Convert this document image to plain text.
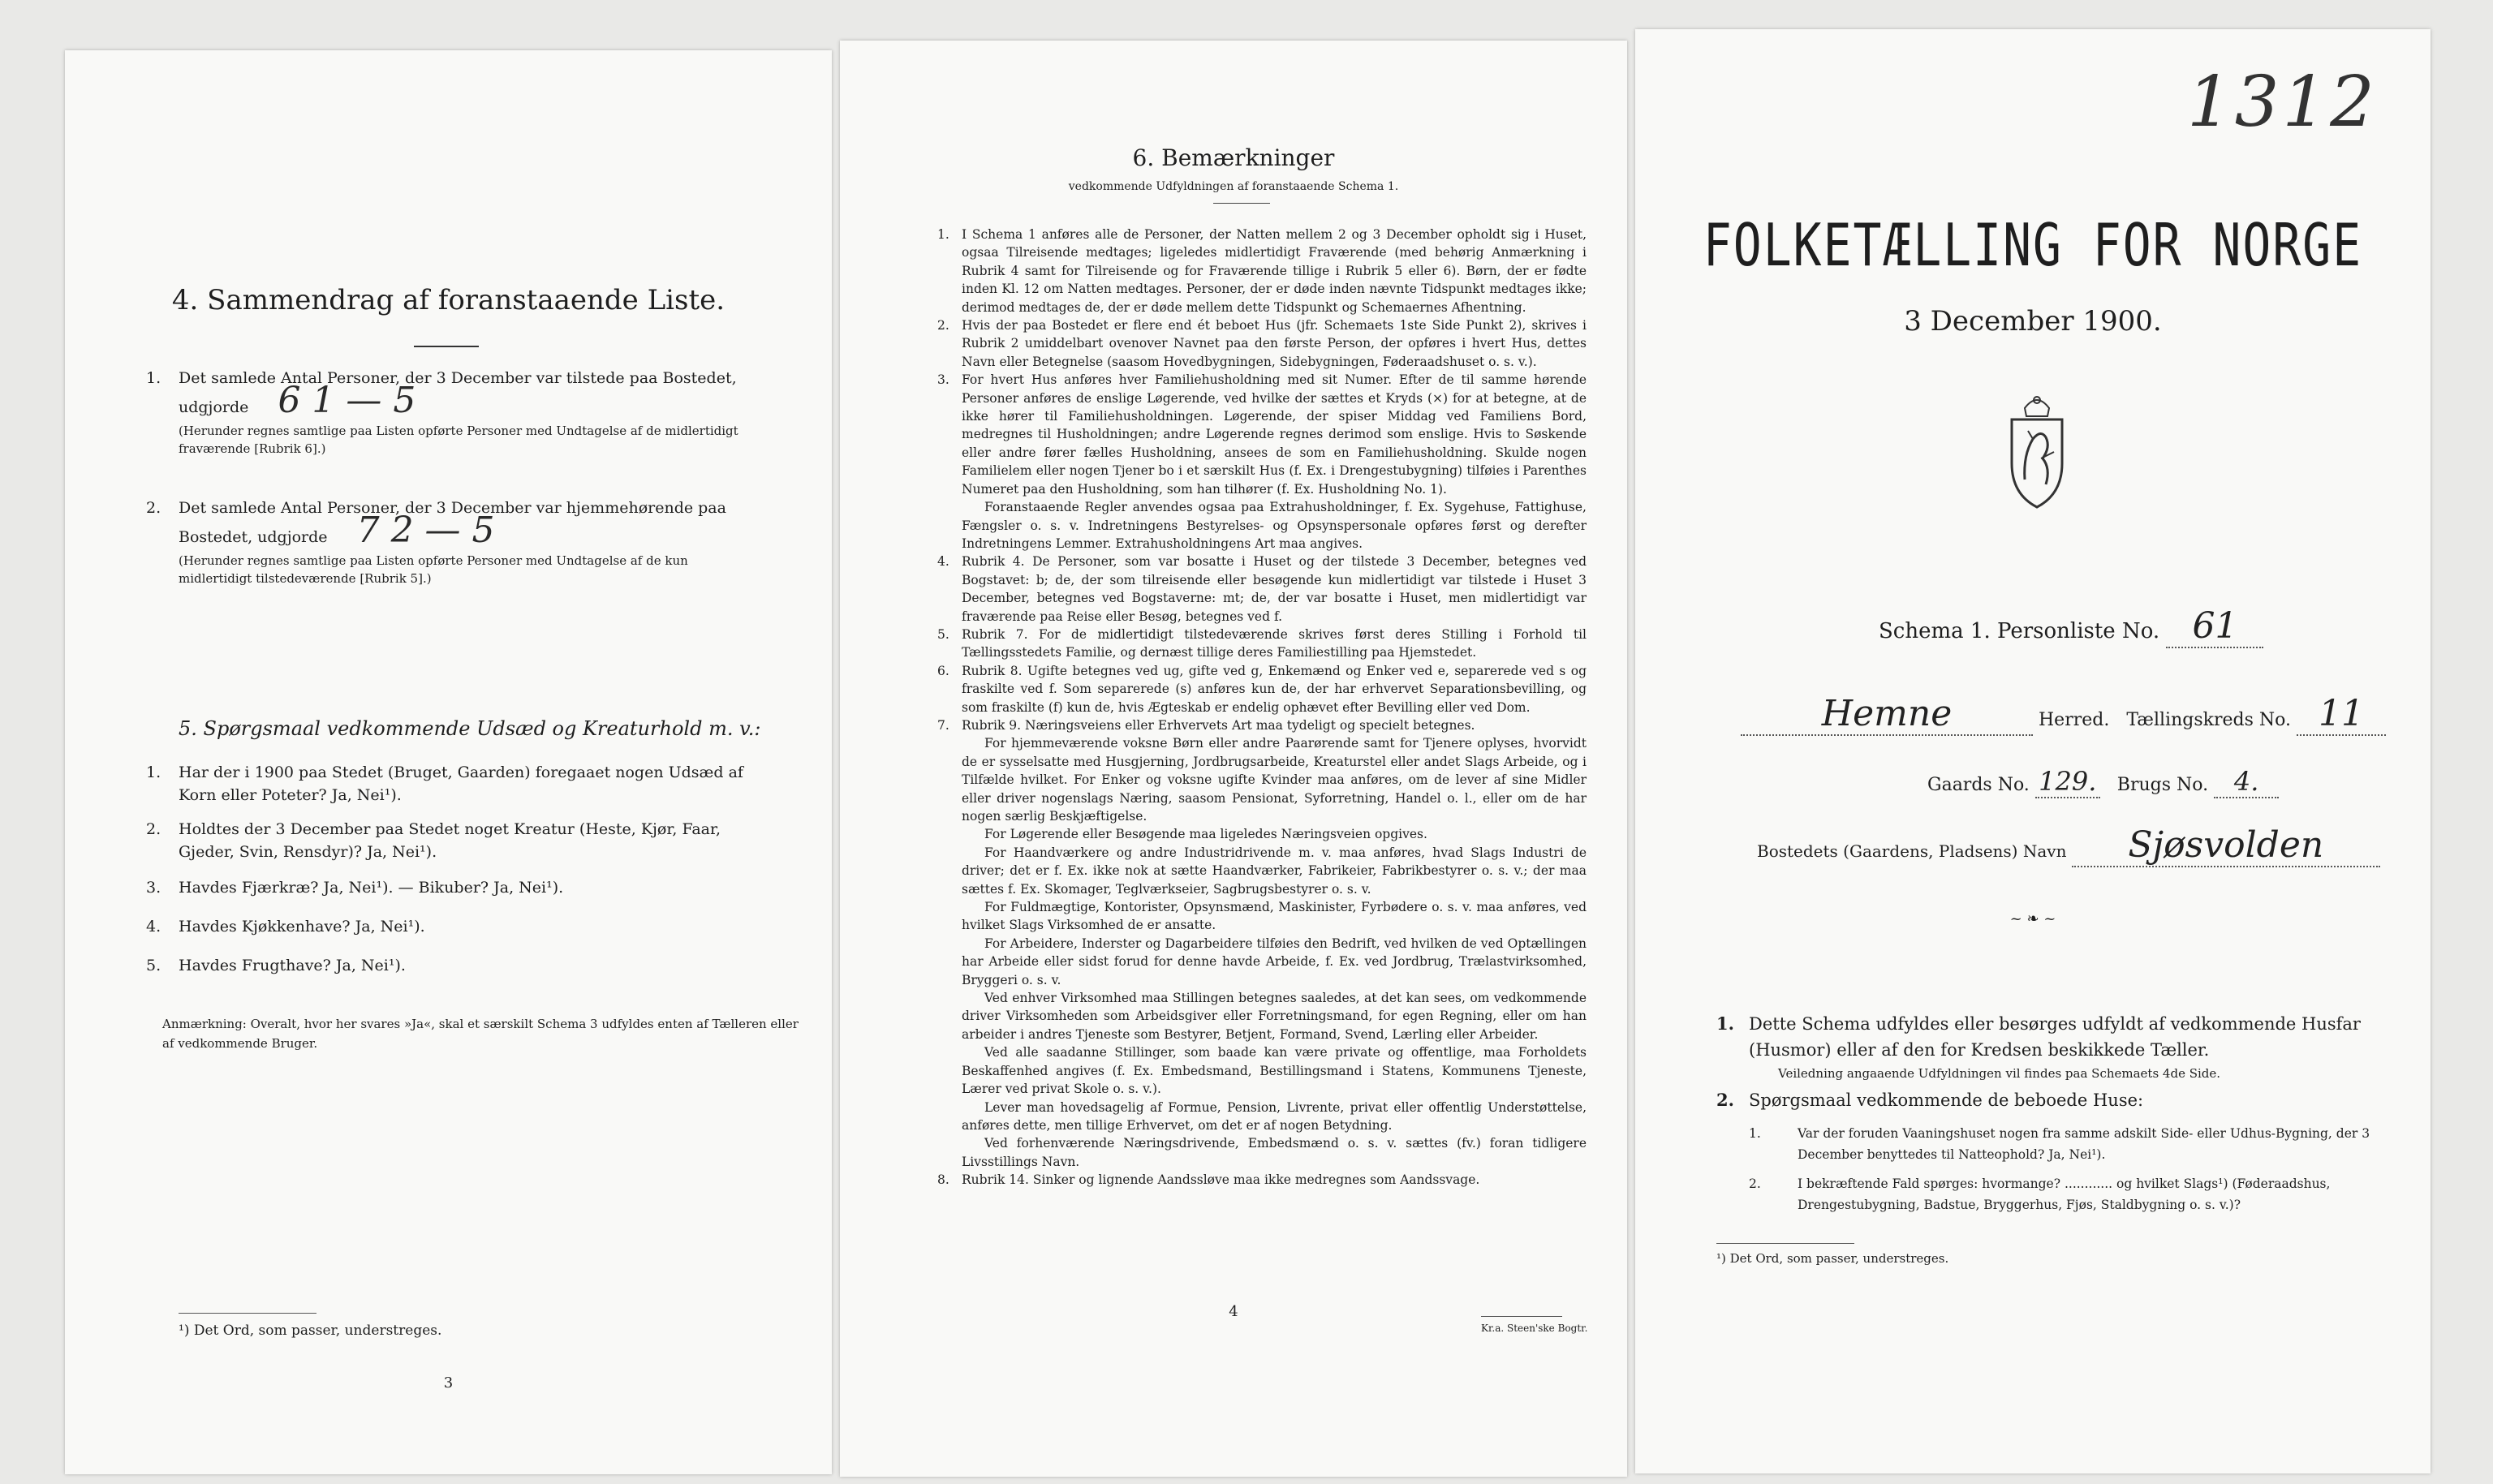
4. Sammendrag af foranstaaende Liste.
1. Det samlede Antal Personer, der 3 December var tilstede paa Bostedet, udgjorde 6 1 — 5
(Herunder regnes samtlige paa Listen opførte Personer med Undtagelse af de midlertidigt fraværende [Rubrik 6].)
2. Det samlede Antal Personer, der 3 December var hjemmehørende paa Bostedet, udgjorde 7 2 — 5
(Herunder regnes samtlige paa Listen opførte Personer med Undtagelse af de kun midlertidigt tilstedeværende [Rubrik 5].)
5. Spørgsmaal vedkommende Udsæd og Kreaturhold m. v.:
1. Har der i 1900 paa Stedet (Bruget, Gaarden) foregaaet nogen Udsæd af Korn eller Poteter? Ja, Nei¹).
2. Holdtes der 3 December paa Stedet noget Kreatur (Heste, Kjør, Faar, Gjeder, Svin, Rensdyr)? Ja, Nei¹).
3. Havdes Fjærkræ? Ja, Nei¹). — Bikuber? Ja, Nei¹).
4. Havdes Kjøkkenhave? Ja, Nei¹).
5. Havdes Frugthave? Ja, Nei¹).
Anmærkning: Overalt, hvor her svares »Ja«, skal et særskilt Schema 3 udfyldes enten af Tælleren eller af vedkommende Bruger.
¹) Det Ord, som passer, understreges.
3
6. Bemærkninger
vedkommende Udfyldningen af foranstaaende Schema 1.
1. I Schema 1 anføres alle de Personer, der Natten mellem 2 og 3 December opholdt sig i Huset, ogsaa Tilreisende medtages; ligeledes midlertidigt Fraværende (med behørig Anmærkning i Rubrik 4 samt for Tilreisende og for Fraværende tillige i Rubrik 5 eller 6). Børn, der er fødte inden Kl. 12 om Natten medtages. Personer, der er døde inden nævnte Tidspunkt medtages ikke; derimod medtages de, der er døde mellem dette Tidspunkt og Schemaernes Afhentning.
2. Hvis der paa Bostedet er flere end ét beboet Hus (jfr. Schemaets 1ste Side Punkt 2), skrives i Rubrik 2 umiddelbart ovenover Navnet paa den første Person, der opføres i hvert Hus, dettes Navn eller Betegnelse (saasom Hovedbygningen, Sidebygningen, Føderaadshuset o. s. v.).
3. For hvert Hus anføres hver Familiehusholdning med sit Numer. Efter de til samme hørende Personer anføres de enslige Løgerende, ved hvilke der sættes et Kryds (×) for at betegne, at de ikke hører til Familiehusholdningen. Løgerende, der spiser Middag ved Familiens Bord, medregnes til Husholdningen; andre Løgerende regnes derimod som enslige. Hvis to Søskende eller andre fører fælles Husholdning, ansees de som en Familiehusholdning. Skulde nogen Familielem eller nogen Tjener bo i et særskilt Hus (f. Ex. i Drengestubygning) tilføies i Parenthes Numeret paa den Husholdning, som han tilhører (f. Ex. Husholdning No. 1).
Foranstaaende Regler anvendes ogsaa paa Extrahusholdninger, f. Ex. Sygehuse, Fattighuse, Fængsler o. s. v. Indretningens Bestyrelses- og Opsynspersonale opføres først og derefter Indretningens Lemmer. Extrahusholdningens Art maa angives.
4. Rubrik 4. De Personer, som var bosatte i Huset og der tilstede 3 December, betegnes ved Bogstavet: b; de, der som tilreisende eller besøgende kun midlertidigt var tilstede i Huset 3 December, betegnes ved Bogstaverne: mt; de, der var bosatte i Huset, men midlertidigt var fraværende paa Reise eller Besøg, betegnes ved f.
5. Rubrik 7. For de midlertidigt tilstedeværende skrives først deres Stilling i Forhold til Tællingsstedets Familie, og dernæst tillige deres Familiestilling paa Hjemstedet.
6. Rubrik 8. Ugifte betegnes ved ug, gifte ved g, Enkemænd og Enker ved e, separerede ved s og fraskilte ved f. Som separerede (s) anføres kun de, der har erhvervet Separationsbevilling, og som fraskilte (f) kun de, hvis Ægteskab er endelig ophævet efter Bevilling eller ved Dom.
7. Rubrik 9. Næringsveiens eller Erhvervets Art maa tydeligt og specielt betegnes.
For hjemmeværende voksne Børn eller andre Paarørende samt for Tjenere oplyses, hvorvidt de er sysselsatte med Husgjerning, Jordbrugsarbeide, Kreaturstel eller andet Slags Arbeide, og i Tilfælde hvilket. For Enker og voksne ugifte Kvinder maa anføres, om de lever af sine Midler eller driver nogenslags Næring, saasom Pensionat, Syforretning, Handel o. l., eller om de har nogen særlig Beskjæftigelse.
For Løgerende eller Besøgende maa ligeledes Næringsveien opgives.
For Haandværkere og andre Industridrivende m. v. maa anføres, hvad Slags Industri de driver; det er f. Ex. ikke nok at sætte Haandværker, Fabrikeier, Fabrikbestyrer o. s. v.; der maa sættes f. Ex. Skomager, Teglværkseier, Sagbrugsbestyrer o. s. v.
For Fuldmægtige, Kontorister, Opsynsmænd, Maskinister, Fyrbødere o. s. v. maa anføres, ved hvilket Slags Virksomhed de er ansatte.
For Arbeidere, Inderster og Dagarbeidere tilføies den Bedrift, ved hvilken de ved Optællingen har Arbeide eller sidst forud for denne havde Arbeide, f. Ex. ved Jordbrug, Trælastvirksomhed, Bryggeri o. s. v.
Ved enhver Virksomhed maa Stillingen betegnes saaledes, at det kan sees, om vedkommende driver Virksomheden som Arbeidsgiver eller Forretningsmand, for egen Regning, eller om han arbeider i andres Tjeneste som Bestyrer, Betjent, Formand, Svend, Lærling eller Arbeider.
Ved alle saadanne Stillinger, som baade kan være private og offentlige, maa Forholdets Beskaffenhed angives (f. Ex. Embedsmand, Bestillingsmand i Statens, Kommunens Tjeneste, Lærer ved privat Skole o. s. v.).
Lever man hovedsagelig af Formue, Pension, Livrente, privat eller offentlig Understøttelse, anføres dette, men tillige Erhvervet, om det er af nogen Betydning.
Ved forhenværende Næringsdrivende, Embedsmænd o. s. v. sættes (fv.) foran tidligere Livsstillings Navn.
8. Rubrik 14. Sinker og lignende Aandssløve maa ikke medregnes som Aandssvage.
4
Kr.a. Steen'ske Bogtr.
1312
FOLKETÆLLING FOR NORGE
3 December 1900.
Schema 1. Personliste No. 61
Hemne	Herred. Tællingskreds No. 11
Gaards No. 129. Brugs No. 4.
Bostedets (Gaardens, Pladsens) Navn Sjøsvolden
~ ❧ ~
1. Dette Schema udfyldes eller besørges udfyldt af vedkommende Husfar (Husmor) eller af den for Kredsen beskikkede Tæller.
Veiledning angaaende Udfyldningen vil findes paa Schemaets 4de Side.
2. Spørgsmaal vedkommende de beboede Huse:
1.	Var der foruden Vaaningshuset nogen fra samme adskilt Side- eller Udhus-Bygning, der 3 December benyttedes til Natteophold? Ja, Nei¹).
2.	I bekræftende Fald spørges: hvormange? ............ og hvilket Slags¹) (Føderaadshus, Drengestubygning, Badstue, Bryggerhus, Fjøs, Staldbygning o. s. v.)?
¹) Det Ord, som passer, understreges.
